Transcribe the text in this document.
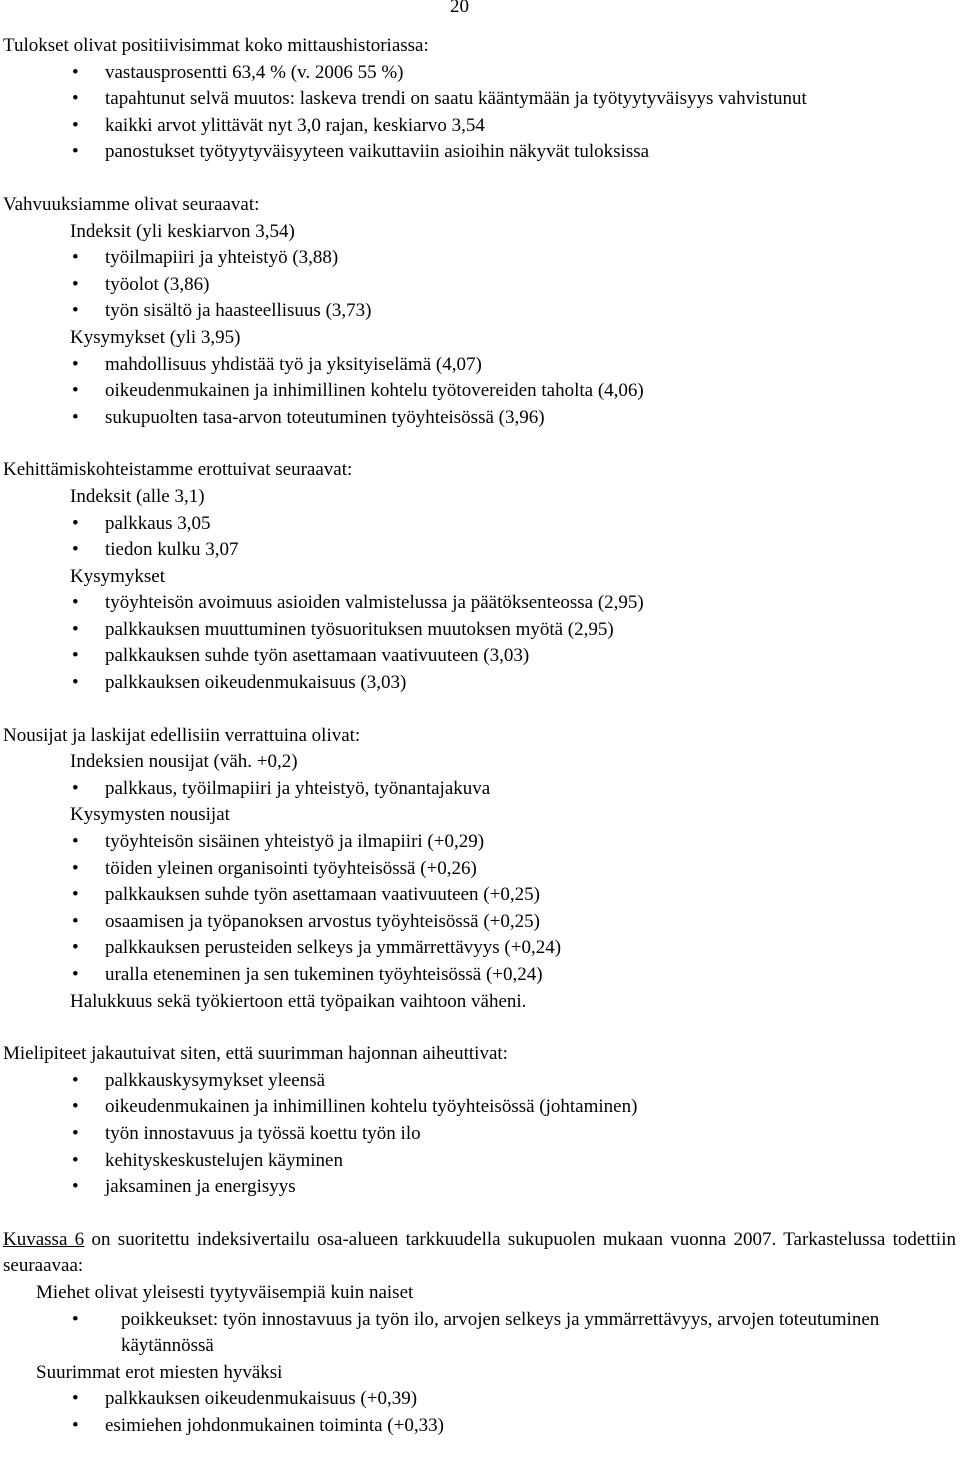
20
Tulokset olivat positiivisimmat koko mittaushistoriassa:
• vastausprosentti 63,4 % (v. 2006 55 %)
• tapahtunut selvä muutos: laskeva trendi on saatu kääntymään ja työtyytyväisyys vahvistunut
• kaikki arvot ylittävät nyt 3,0 rajan, keskiarvo 3,54
• panostukset työtyytyväisyyteen vaikuttaviin asioihin näkyvät tuloksissa
Vahvuuksiamme olivat seuraavat:
Indeksit (yli keskiarvon 3,54)
• työilmapiiri ja yhteistyö (3,88)
• työolot (3,86)
• työn sisältö ja haasteellisuus (3,73)
Kysymykset (yli 3,95)
• mahdollisuus yhdistää työ ja yksityiselämä (4,07)
• oikeudenmukainen ja inhimillinen kohtelu työtovereiden taholta (4,06)
• sukupuolten tasa-arvon toteutuminen työyhteisössä (3,96)
Kehittämiskohteistamme erottuivat seuraavat:
Indeksit (alle 3,1)
• palkkaus 3,05
• tiedon kulku 3,07
Kysymykset
• työyhteisön avoimuus asioiden valmistelussa ja päätöksenteossa (2,95)
• palkkauksen muuttuminen työsuorituksen muutoksen myötä (2,95)
• palkkauksen suhde työn asettamaan vaativuuteen (3,03)
• palkkauksen oikeudenmukaisuus (3,03)
Nousijat ja laskijat edellisiin verrattuina olivat:
Indeksien nousijat (väh. +0,2)
• palkkaus, työilmapiiri ja yhteistyö, työnantajakuva
Kysymysten nousijat
• työyhteisön sisäinen yhteistyö ja ilmapiiri (+0,29)
• töiden yleinen organisointi työyhteisössä (+0,26)
• palkkauksen suhde työn asettamaan vaativuuteen (+0,25)
• osaamisen ja työpanoksen arvostus työyhteisössä (+0,25)
• palkkauksen perusteiden selkeys ja ymmärrettävyys (+0,24)
• uralla eteneminen ja sen tukeminen työyhteisössä (+0,24)
Halukkuus sekä työkiertoon että työpaikan vaihtoon väheni.
Mielipiteet jakautuivat siten, että suurimman hajonnan aiheuttivat:
• palkkauskysymykset yleensä
• oikeudenmukainen ja inhimillinen kohtelu työyhteisössä (johtaminen)
• työn innostavuus ja työssä koettu työn ilo
• kehityskeskustelujen käyminen
• jaksaminen ja energisyys
Kuvassa 6 on suoritettu indeksivertailu osa-alueen tarkkuudella sukupuolen mukaan vuonna 2007. Tarkastelussa todettiin seuraavaa:
Miehet olivat yleisesti tyytyväisempiä kuin naiset
• poikkeukset: työn innostavuus ja työn ilo, arvojen selkeys ja ymmärrettävyys, arvojen toteutuminen käytännössä
Suurimmat erot miesten hyväksi
• palkkauksen oikeudenmukaisuus (+0,39)
• esimiehen johdonmukainen toiminta (+0,33)
